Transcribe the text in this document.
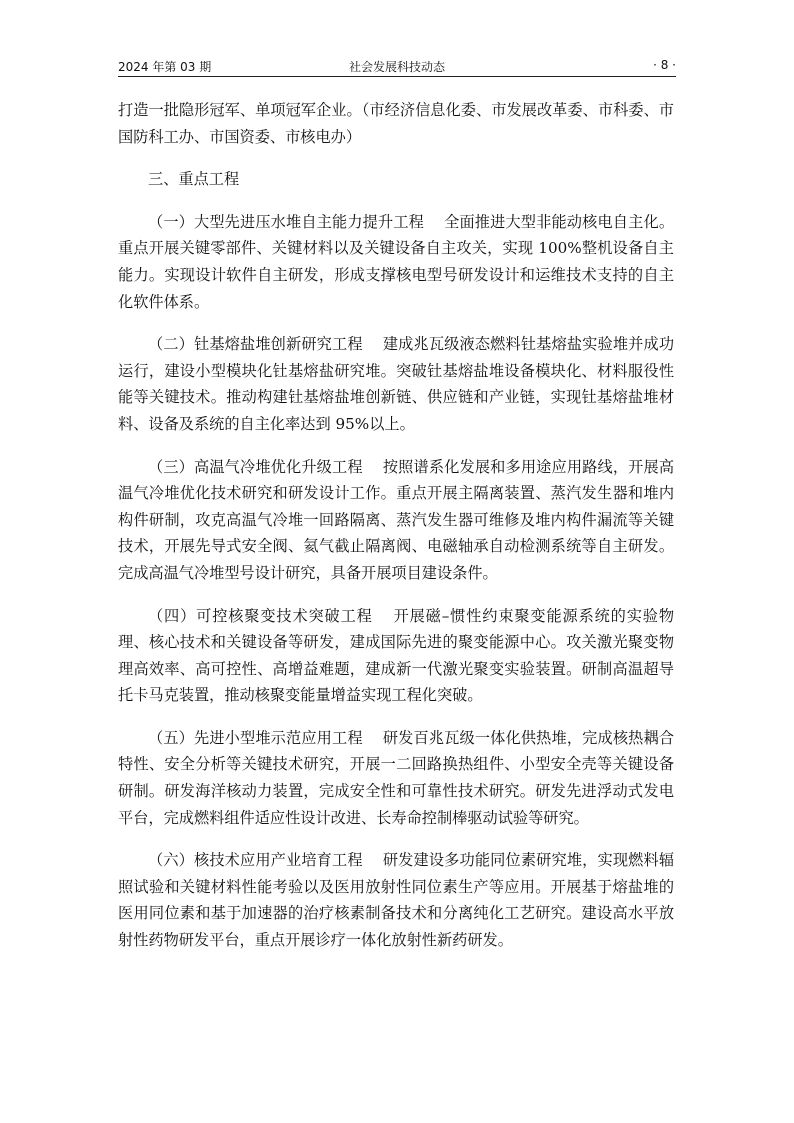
2024 年第 03 期	社会发展科技动态	· 8 ·

打造一批隐形冠军、单项冠军企业。（市经济信息化委、市发展改革委、市科委、市国防科工办、市国资委、市核电办）

三、重点工程

（一）大型先进压水堆自主能力提升工程 全面推进大型非能动核电自主化。重点开展关键零部件、关键材料以及关键设备自主攻关，实现 100%整机设备自主能力。实现设计软件自主研发，形成支撑核电型号研发设计和运维技术支持的自主化软件体系。

（二）钍基熔盐堆创新研究工程 建成兆瓦级液态燃料钍基熔盐实验堆并成功运行，建设小型模块化钍基熔盐研究堆。突破钍基熔盐堆设备模块化、材料服役性能等关键技术。推动构建钍基熔盐堆创新链、供应链和产业链，实现钍基熔盐堆材料、设备及系统的自主化率达到 95%以上。

（三）高温气冷堆优化升级工程 按照谱系化发展和多用途应用路线，开展高温气冷堆优化技术研究和研发设计工作。重点开展主隔离装置、蒸汽发生器和堆内构件研制，攻克高温气冷堆一回路隔离、蒸汽发生器可维修及堆内构件漏流等关键技术，开展先导式安全阀、氦气截止隔离阀、电磁轴承自动检测系统等自主研发。完成高温气冷堆型号设计研究，具备开展项目建设条件。

（四）可控核聚变技术突破工程 开展磁–惯性约束聚变能源系统的实验物理、核心技术和关键设备等研发，建成国际先进的聚变能源中心。攻关激光聚变物理高效率、高可控性、高增益难题，建成新一代激光聚变实验装置。研制高温超导托卡马克装置，推动核聚变能量增益实现工程化突破。

（五）先进小型堆示范应用工程 研发百兆瓦级一体化供热堆，完成核热耦合特性、安全分析等关键技术研究，开展一二回路换热组件、小型安全壳等关键设备研制。研发海洋核动力装置，完成安全性和可靠性技术研究。研发先进浮动式发电平台，完成燃料组件适应性设计改进、长寿命控制棒驱动试验等研究。

（六）核技术应用产业培育工程 研发建设多功能同位素研究堆，实现燃料辐照试验和关键材料性能考验以及医用放射性同位素生产等应用。开展基于熔盐堆的医用同位素和基于加速器的治疗核素制备技术和分离纯化工艺研究。建设高水平放射性药物研发平台，重点开展诊疗一体化放射性新药研发。
